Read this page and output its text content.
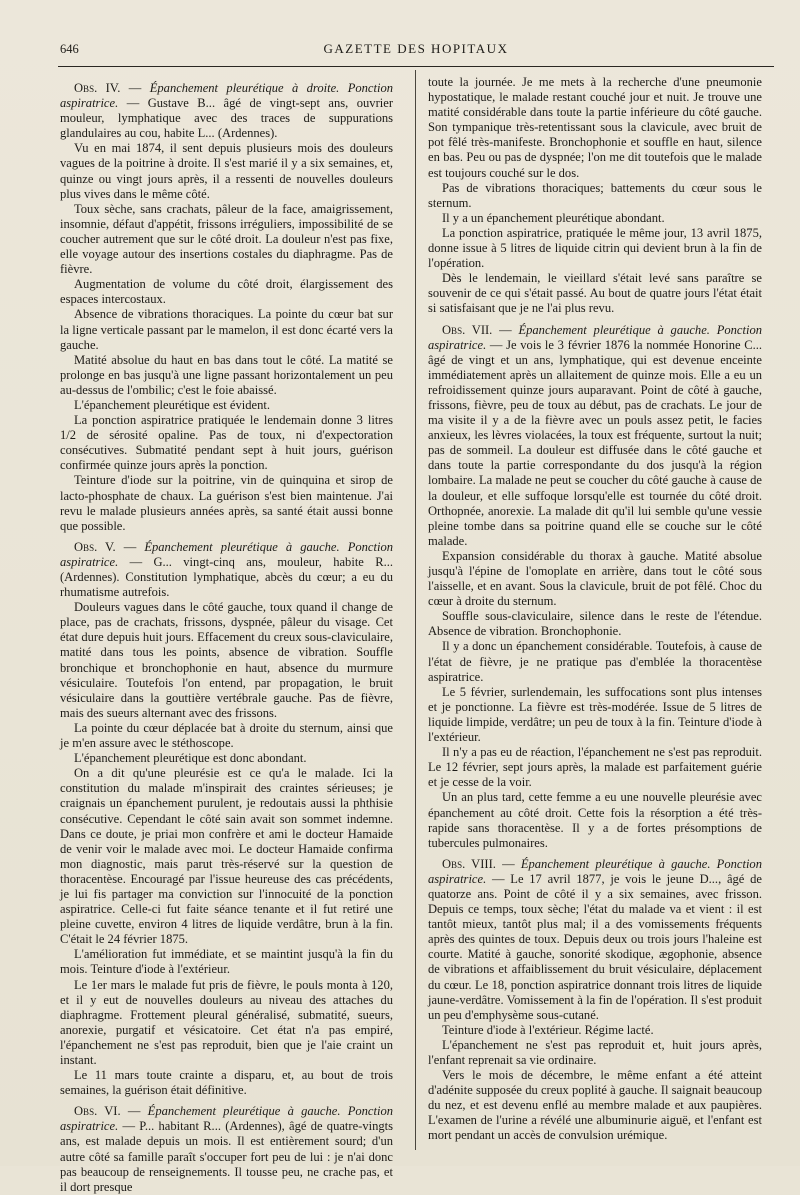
646	GAZETTE DES HOPITAUX

Obs. IV. — Épanchement pleurétique à droite. Ponction aspiratrice. — Gustave B... âgé de vingt-sept ans, ouvrier mouleur, lymphatique avec des traces de suppurations glandulaires au cou, habite L... (Ardennes).

Vu en mai 1874, il sent depuis plusieurs mois des douleurs vagues de la poitrine à droite. Il s'est marié il y a six semaines, et, quinze ou vingt jours après, il a ressenti de nouvelles douleurs plus vives dans le même côté.

Toux sèche, sans crachats, pâleur de la face, amaigrissement, insomnie, défaut d'appétit, frissons irréguliers, impossibilité de se coucher autrement que sur le côté droit. La douleur n'est pas fixe, elle voyage autour des insertions costales du diaphragme. Pas de fièvre.

Augmentation de volume du côté droit, élargissement des espaces intercostaux.

Absence de vibrations thoraciques. La pointe du cœur bat sur la ligne verticale passant par le mamelon, il est donc écarté vers la gauche.

Matité absolue du haut en bas dans tout le côté. La matité se prolonge en bas jusqu'à une ligne passant horizontalement un peu au-dessus de l'ombilic; c'est le foie abaissé.

L'épanchement pleurétique est évident.

La ponction aspiratrice pratiquée le lendemain donne 3 litres 1/2 de sérosité opaline. Pas de toux, ni d'expectoration consécutives. Submatité pendant sept à huit jours, guérison confirmée quinze jours après la ponction.

Teinture d'iode sur la poitrine, vin de quinquina et sirop de lacto-phosphate de chaux. La guérison s'est bien maintenue. J'ai revu le malade plusieurs années après, sa santé était aussi bonne que possible.

Obs. V. — Épanchement pleurétique à gauche. Ponction aspiratrice. — G... vingt-cinq ans, mouleur, habite R... (Ardennes). Constitution lymphatique, abcès du cœur; a eu du rhumatisme autrefois.

Douleurs vagues dans le côté gauche, toux quand il change de place, pas de crachats, frissons, dyspnée, pâleur du visage. Cet état dure depuis huit jours. Effacement du creux sous-claviculaire, matité dans tous les points, absence de vibration. Souffle bronchique et bronchophonie en haut, absence du murmure vésiculaire. Toutefois l'on entend, par propagation, le bruit vésiculaire dans la gouttière vertébrale gauche. Pas de fièvre, mais des sueurs alternant avec des frissons.

La pointe du cœur déplacée bat à droite du sternum, ainsi que je m'en assure avec le stéthoscope.

L'épanchement pleurétique est donc abondant.

On a dit qu'une pleurésie est ce qu'a le malade. Ici la constitution du malade m'inspirait des craintes sérieuses; je craignais un épanchement purulent, je redoutais aussi la phthisie consécutive. Cependant le côté sain avait son sommet indemne. Dans ce doute, je priai mon confrère et ami le docteur Hamaide de venir voir le malade avec moi. Le docteur Hamaide confirma mon diagnostic, mais parut très-réservé sur la question de thoracentèse. Encouragé par l'issue heureuse des cas précédents, je lui fis partager ma conviction sur l'innocuité de la ponction aspiratrice. Celle-ci fut faite séance tenante et il fut retiré une pleine cuvette, environ 4 litres de liquide verdâtre, brun à la fin. C'était le 24 février 1875.

L'amélioration fut immédiate, et se maintint jusqu'à la fin du mois. Teinture d'iode à l'extérieur.

Le 1er mars le malade fut pris de fièvre, le pouls monta à 120, et il y eut de nouvelles douleurs au niveau des attaches du diaphragme. Frottement pleural généralisé, submatité, sueurs, anorexie, purgatif et vésicatoire. Cet état n'a pas empiré, l'épanchement ne s'est pas reproduit, bien que je l'aie craint un instant.

Le 11 mars toute crainte a disparu, et, au bout de trois semaines, la guérison était définitive.

Obs. VI. — Épanchement pleurétique à gauche. Ponction aspiratrice. — P... habitant R... (Ardennes), âgé de quatre-vingts ans, est malade depuis un mois. Il est entièrement sourd; d'un autre côté sa famille paraît s'occuper fort peu de lui : je n'ai donc pas beaucoup de renseignements. Il tousse peu, ne crache pas, et il dort presque

toute la journée. Je me mets à la recherche d'une pneumonie hypostatique, le malade restant couché jour et nuit. Je trouve une matité considérable dans toute la partie inférieure du côté gauche. Son tympanique très-retentissant sous la clavicule, avec bruit de pot fêlé très-manifeste. Bronchophonie et souffle en haut, silence en bas. Peu ou pas de dyspnée; l'on me dit toutefois que le malade est toujours couché sur le dos.

Pas de vibrations thoraciques; battements du cœur sous le sternum.

Il y a un épanchement pleurétique abondant.

La ponction aspiratrice, pratiquée le même jour, 13 avril 1875, donne issue à 5 litres de liquide citrin qui devient brun à la fin de l'opération.

Dès le lendemain, le vieillard s'était levé sans paraître se souvenir de ce qui s'était passé. Au bout de quatre jours l'état était si satisfaisant que je ne l'ai plus revu.

Obs. VII. — Épanchement pleurétique à gauche. Ponction aspiratrice. — Je vois le 3 février 1876 la nommée Honorine C... âgé de vingt et un ans, lymphatique, qui est devenue enceinte immédiatement après un allaitement de quinze mois. Elle a eu un refroidissement quinze jours auparavant. Point de côté à gauche, frissons, fièvre, peu de toux au début, pas de crachats. Le jour de ma visite il y a de la fièvre avec un pouls assez petit, le facies anxieux, les lèvres violacées, la toux est fréquente, surtout la nuit; pas de sommeil. La douleur est diffusée dans le côté gauche et dans toute la partie correspondante du dos jusqu'à la région lombaire. La malade ne peut se coucher du côté gauche à cause de la douleur, et elle suffoque lorsqu'elle est tournée du côté droit. Orthopnée, anorexie. La malade dit qu'il lui semble qu'une vessie pleine tombe dans sa poitrine quand elle se couche sur le côté malade.

Expansion considérable du thorax à gauche. Matité absolue jusqu'à l'épine de l'omoplate en arrière, dans tout le côté sous l'aisselle, et en avant. Sous la clavicule, bruit de pot fêlé. Choc du cœur à droite du sternum.

Souffle sous-claviculaire, silence dans le reste de l'étendue. Absence de vibration. Bronchophonie.

Il y a donc un épanchement considérable. Toutefois, à cause de l'état de fièvre, je ne pratique pas d'emblée la thoracentèse aspiratrice.

Le 5 février, surlendemain, les suffocations sont plus intenses et je ponctionne. La fièvre est très-modérée. Issue de 5 litres de liquide limpide, verdâtre; un peu de toux à la fin. Teinture d'iode à l'extérieur.

Il n'y a pas eu de réaction, l'épanchement ne s'est pas reproduit. Le 12 février, sept jours après, la malade est parfaitement guérie et je cesse de la voir.

Un an plus tard, cette femme a eu une nouvelle pleurésie avec épanchement au côté droit. Cette fois la résorption a été très-rapide sans thoracentèse. Il y a de fortes présomptions de tubercules pulmonaires.

Obs. VIII. — Épanchement pleurétique à gauche. Ponction aspiratrice. — Le 17 avril 1877, je vois le jeune D..., âgé de quatorze ans. Point de côté il y a six semaines, avec frisson. Depuis ce temps, toux sèche; l'état du malade va et vient : il est tantôt mieux, tantôt plus mal; il a des vomissements fréquents après des quintes de toux. Depuis deux ou trois jours l'haleine est courte. Matité à gauche, sonorité skodique, ægophonie, absence de vibrations et affaiblissement du bruit vésiculaire, déplacement du cœur. Le 18, ponction aspiratrice donnant trois litres de liquide jaune-verdâtre. Vomissement à la fin de l'opération. Il s'est produit un peu d'emphysème sous-cutané.

Teinture d'iode à l'extérieur. Régime lacté.

L'épanchement ne s'est pas reproduit et, huit jours après, l'enfant reprenait sa vie ordinaire.

Vers le mois de décembre, le même enfant a été atteint d'adénite supposée du creux poplité à gauche. Il saignait beaucoup du nez, et est devenu enflé au membre malade et aux paupières. L'examen de l'urine a révélé une albuminurie aiguë, et l'enfant est mort pendant un accès de convulsion urémique.
